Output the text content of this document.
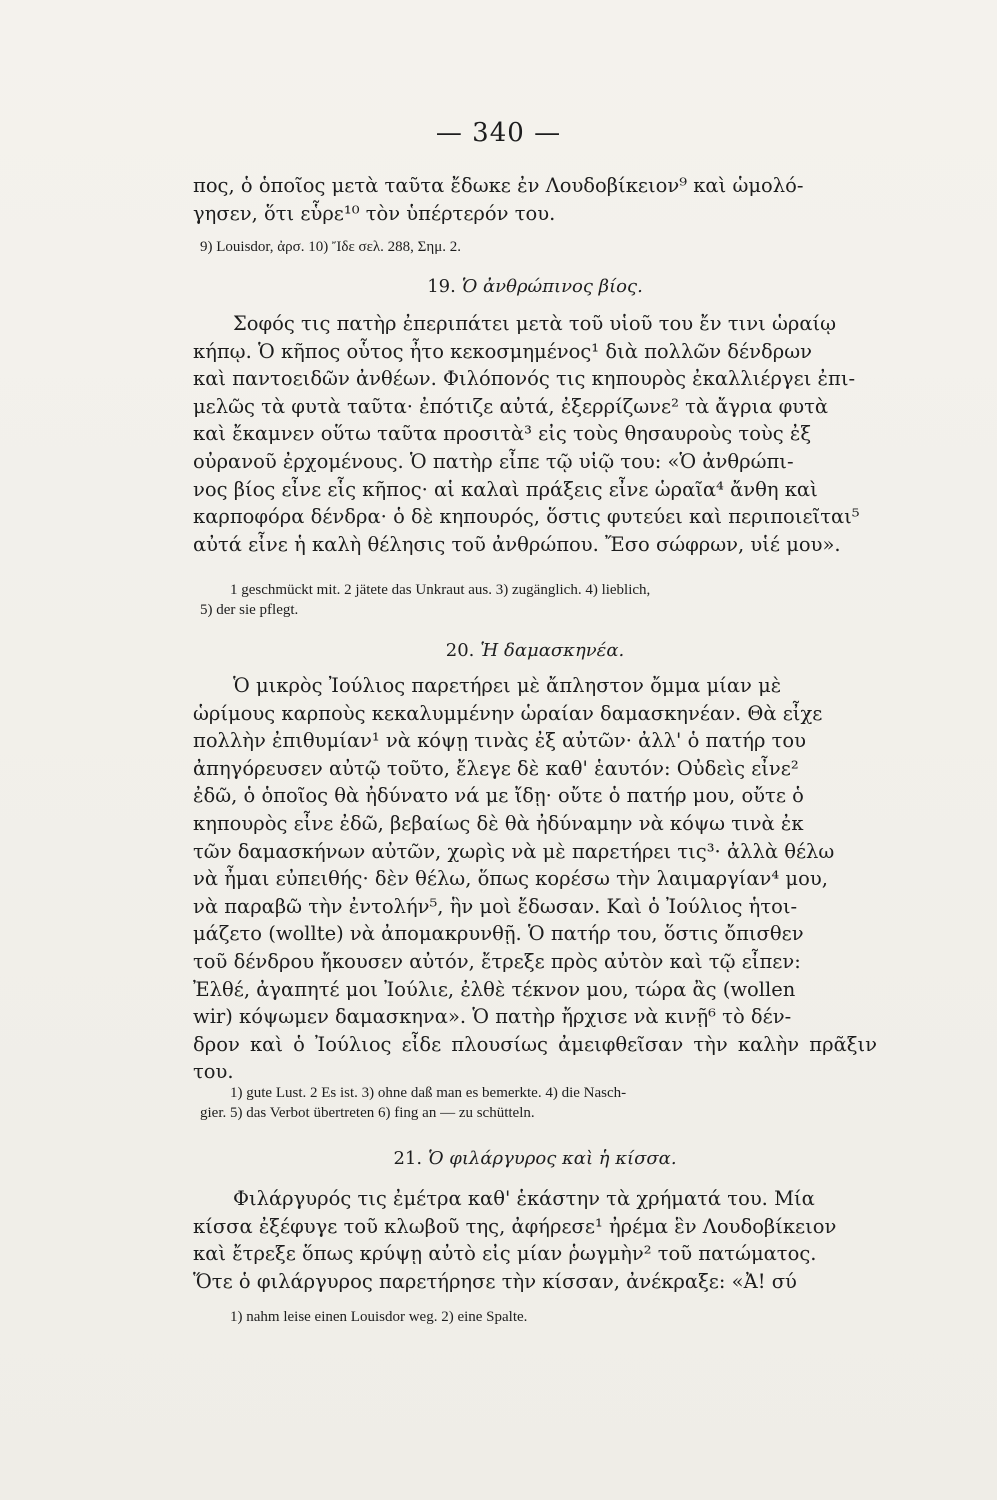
— 340 —

πος, ὁ ὁποῖος μετὰ ταῦτα ἔδωκε ἐν Λουδοβίκειον⁹ καὶ ὡμολό-

γησεν, ὅτι εὗρε¹⁰ τὸν ὑπέρτερόν του.

9) Louisdor, ἀρσ. 10) Ἴδε σελ. 288, Σημ. 2.
19. Ὁ ἀνθρώπινος βίος.

Σοφός τις πατὴρ ἐπεριπάτει μετὰ τοῦ υἱοῦ του ἔν τινι ὡραίῳ

κήπῳ. Ὁ κῆπος οὗτος ἦτο κεκοσμημένος¹ διὰ πολλῶν δένδρων

καὶ παντοειδῶν ἀνθέων. Φιλόπονός τις κηπουρὸς ἐκαλλιέργει ἐπι-

μελῶς τὰ φυτὰ ταῦτα· ἐπότιζε αὐτά, ἐξερρίζωνε² τὰ ἄγρια φυτὰ

καὶ ἔκαμνεν οὕτω ταῦτα προσιτὰ³ εἰς τοὺς θησαυροὺς τοὺς ἐξ

οὐρανοῦ ἐρχομένους. Ὁ πατὴρ εἶπε τῷ υἱῷ του: «Ὁ ἀνθρώπι-

νος βίος εἶνε εἷς κῆπος· αἱ καλαὶ πράξεις εἶνε ὡραῖα⁴ ἄνθη καὶ

καρποφόρα δένδρα· ὁ δὲ κηπουρός, ὅστις φυτεύει καὶ περιποιεῖται⁵

αὐτά εἶνε ἡ καλὴ θέλησις τοῦ ἀνθρώπου. Ἔσο σώφρων, υἱέ μου».

1 geschmückt mit. 2 jätete das Unkraut aus. 3) zugänglich. 4) lieblich,
5) der sie pflegt.
20. Ἡ δαμασκηνέα.

Ὁ μικρὸς Ἰούλιος παρετήρει μὲ ἄπληστον ὄμμα μίαν μὲ

ὡρίμους καρποὺς κεκαλυμμένην ὡραίαν δαμασκηνέαν. Θὰ εἶχε

πολλὴν ἐπιθυμίαν¹ νὰ κόψῃ τινὰς ἐξ αὐτῶν· ἀλλ' ὁ πατήρ του

ἀπηγόρευσεν αὐτῷ τοῦτο, ἔλεγε δὲ καθ' ἑαυτόν: Οὐδεὶς εἶνε²

ἐδῶ, ὁ ὁποῖος θὰ ἠδύνατο νά με ἴδῃ· οὔτε ὁ πατήρ μου, οὔτε ὁ

κηπουρὸς εἶνε ἐδῶ, βεβαίως δὲ θὰ ἠδύναμην νὰ κόψω τινὰ ἐκ

τῶν δαμασκήνων αὐτῶν, χωρὶς νὰ μὲ παρετήρει τις³· ἀλλὰ θέλω

νὰ ἦμαι εὐπειθής· δὲν θέλω, ὅπως κορέσω τὴν λαιμαργίαν⁴ μου,

νὰ παραβῶ τὴν ἐντολήν⁵, ἣν μοὶ ἔδωσαν. Καὶ ὁ Ἰούλιος ἡτοι-

μάζετο (wollte) νὰ ἀπομακρυνθῇ. Ὁ πατήρ του, ὅστις ὄπισθεν

τοῦ δένδρου ἤκουσεν αὐτόν, ἔτρεξε πρὸς αὐτὸν καὶ τῷ εἶπεν:

Ἐλθέ, ἀγαπητέ μοι Ἰούλιε, ἐλθὲ τέκνον μου, τώρα ἂς (wollen

wir) κόψωμεν δαμασκηνα». Ὁ πατὴρ ἤρχισε νὰ κινῇ⁶ τὸ δέν-

δρον καὶ ὁ Ἰούλιος εἶδε πλουσίως ἀμειφθεῖσαν τὴν καλὴν πρᾶξιν του.

1) gute Lust. 2 Es ist. 3) ohne daß man es bemerkte. 4) die Nasch-
gier. 5) das Verbot übertreten 6) fing an — zu schütteln.
21. Ὁ φιλάργυρος καὶ ἡ κίσσα.

Φιλάργυρός τις ἐμέτρα καθ' ἑκάστην τὰ χρήματά του. Μία

κίσσα ἐξέφυγε τοῦ κλωβοῦ της, ἀφήρεσε¹ ἠρέμα ἓν Λουδοβίκειον

καὶ ἔτρεξε ὅπως κρύψῃ αὐτὸ εἰς μίαν ῥωγμὴν² τοῦ πατώματος.

Ὅτε ὁ φιλάργυρος παρετήρησε τὴν κίσσαν, ἀνέκραξε: «Ἀ! σύ

1) nahm leise einen Louisdor weg. 2) eine Spalte.
